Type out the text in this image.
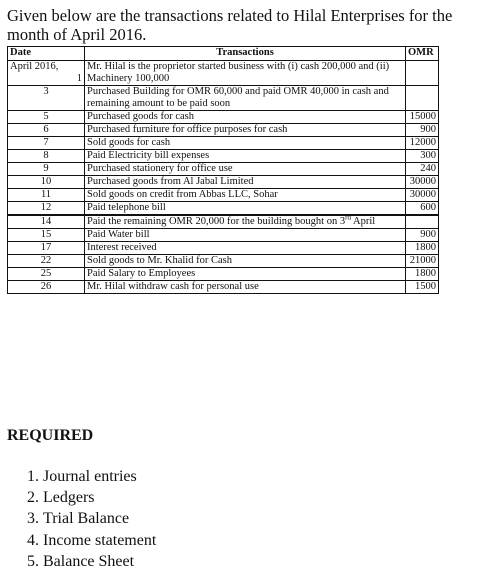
Given below are the transactions related to Hilal Enterprises for the month of April 2016.

Date	Transactions	OMR
April 2016,
1	Mr. Hilal is the proprietor started business with (i) cash 200,000 and (ii) Machinery 100,000	
3	Purchased Building for OMR 60,000 and paid OMR 40,000 in cash and remaining amount to be paid soon	
5	Purchased goods for cash	15000
6	Purchased furniture for office purposes for cash	900
7	Sold goods for cash	12000
8	Paid Electricity bill expenses	300
9	Purchased stationery for office use	240
10	Purchased goods from Al Jabal Limited	30000
11	Sold goods on credit from Abbas LLC, Sohar	30000
12	Paid telephone bill	600

14	Paid the remaining OMR 20,000 for the building bought on 3rd April	
15	Paid Water bill	900
17	Interest received	1800
22	Sold goods to Mr. Khalid for Cash	21000
25	Paid Salary to Employees	1800
26	Mr. Hilal withdraw cash for personal use	1500
REQUIRED
1. Journal entries
2. Ledgers
3. Trial Balance
4. Income statement
5. Balance Sheet
